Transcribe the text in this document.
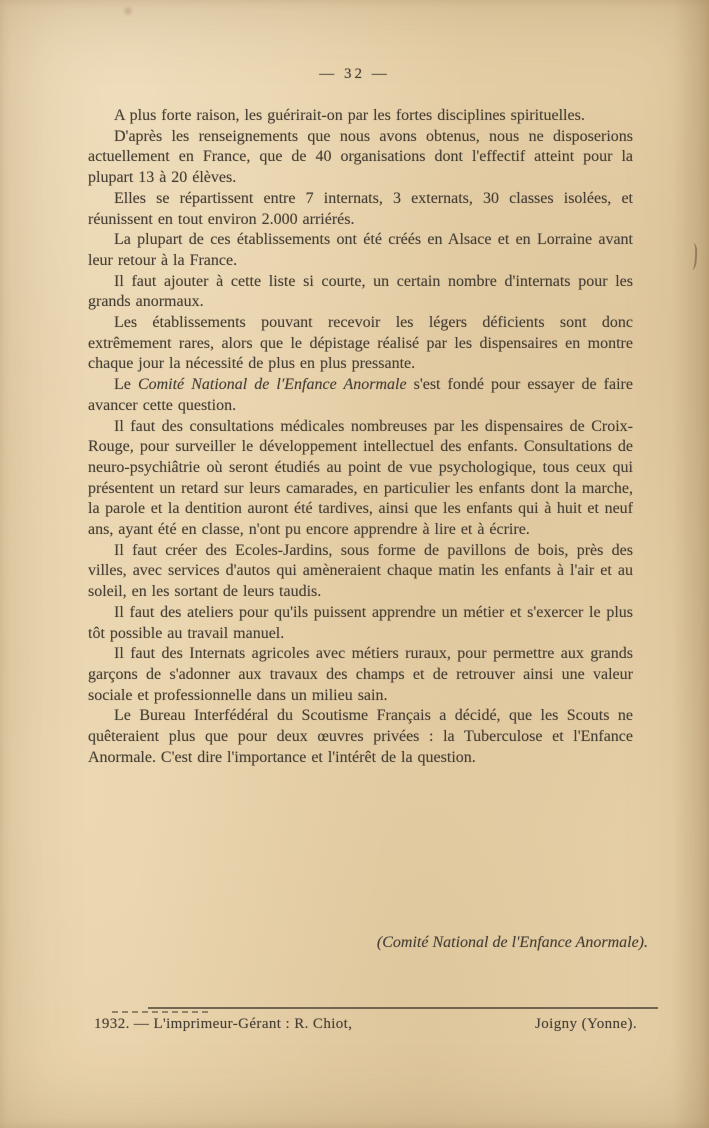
— 32 —

A plus forte raison, les guérirait-on par les fortes disciplines spirituelles.

D'après les renseignements que nous avons obtenus, nous ne disposerions actuellement en France, que de 40 organisations dont l'effectif atteint pour la plupart 13 à 20 élèves.

Elles se répartissent entre 7 internats, 3 externats, 30 classes isolées, et réunissent en tout environ 2.000 arriérés.

La plupart de ces établissements ont été créés en Alsace et en Lorraine avant leur retour à la France.

Il faut ajouter à cette liste si courte, un certain nombre d'internats pour les grands anormaux.

Les établissements pouvant recevoir les légers déficients sont donc extrêmement rares, alors que le dépistage réalisé par les dispensaires en montre chaque jour la nécessité de plus en plus pressante.

Le Comité National de l'Enfance Anormale s'est fondé pour essayer de faire avancer cette question.

Il faut des consultations médicales nombreuses par les dispensaires de Croix-Rouge, pour surveiller le développement intellectuel des enfants. Consultations de neuro-psychiâtrie où seront étudiés au point de vue psychologique, tous ceux qui présentent un retard sur leurs camarades, en particulier les enfants dont la marche, la parole et la dentition auront été tardives, ainsi que les enfants qui à huit et neuf ans, ayant été en classe, n'ont pu encore apprendre à lire et à écrire.

Il faut créer des Ecoles-Jardins, sous forme de pavillons de bois, près des villes, avec services d'autos qui amèneraient chaque matin les enfants à l'air et au soleil, en les sortant de leurs taudis.

Il faut des ateliers pour qu'ils puissent apprendre un métier et s'exercer le plus tôt possible au travail manuel.

Il faut des Internats agricoles avec métiers ruraux, pour permettre aux grands garçons de s'adonner aux travaux des champs et de retrouver ainsi une valeur sociale et professionnelle dans un milieu sain.

Le Bureau Interfédéral du Scoutisme Français a décidé, que les Scouts ne quêteraient plus que pour deux œuvres privées : la Tuberculose et l'Enfance Anormale. C'est dire l'importance et l'intérêt de la question.

(Comité National de l'Enfance Anormale).
1932. — L'imprimeur-Gérant : R. Chiot,	Joigny (Yonne).
